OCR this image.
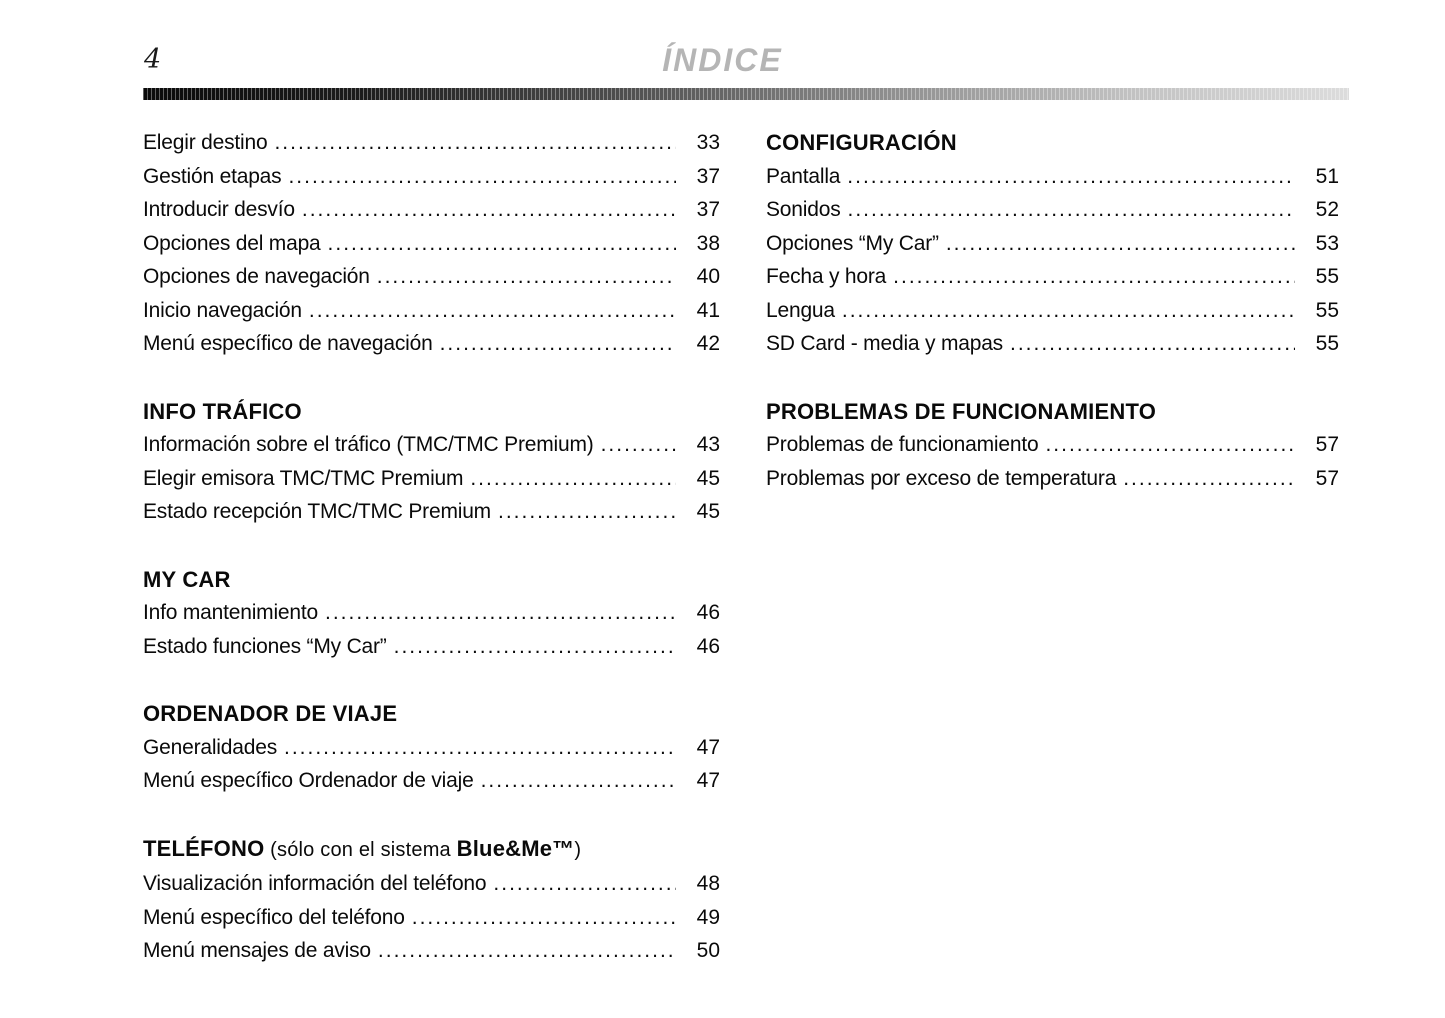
4	ÍNDICE
Elegir destino .....	33
Gestión etapas .....	37
Introducir desvío .....	37
Opciones del mapa .....	38
Opciones de navegación .....	40
Inicio navegación .....	41
Menú específico de navegación .....	42
INFO TRÁFICO
Información sobre el tráfico (TMC/TMC Premium) .....	43
Elegir emisora TMC/TMC Premium .....	45
Estado recepción TMC/TMC Premium .....	45
MY CAR
Info mantenimiento .....	46
Estado funciones “My Car” .....	46
ORDENADOR DE VIAJE
Generalidades .....	47
Menú específico Ordenador de viaje .....	47
TELÉFONO (sólo con el sistema Blue&Me™)
Visualización información del teléfono .....	48
Menú específico del teléfono .....	49
Menú mensajes de aviso .....	50
CONFIGURACIÓN
Pantalla .....	51
Sonidos .....	52
Opciones “My Car” .....	53
Fecha y hora .....	55
Lengua .....	55
SD Card - media y mapas .....	55
PROBLEMAS DE FUNCIONAMIENTO
Problemas de funcionamiento .....	57
Problemas por exceso de temperatura .....	57
